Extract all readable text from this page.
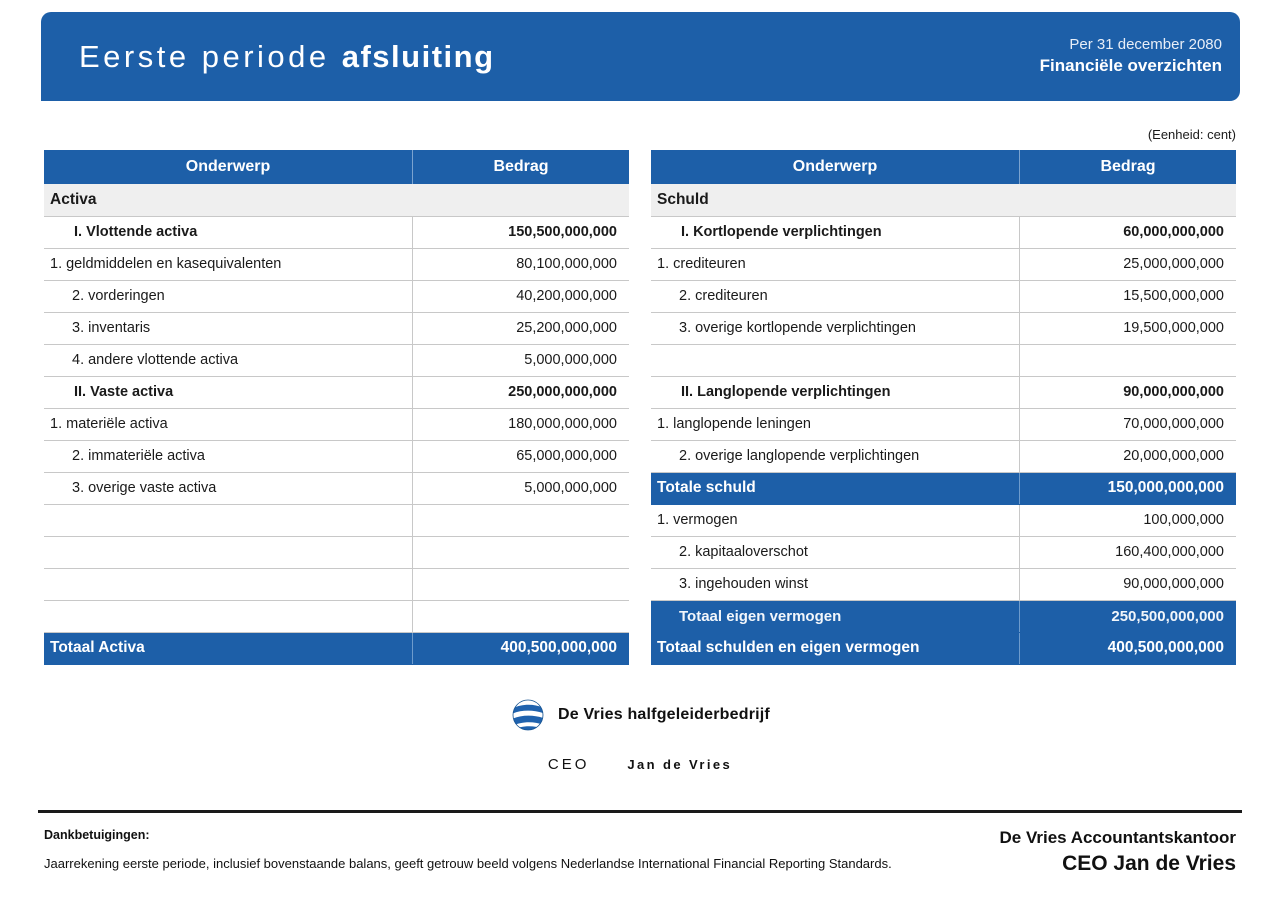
Eerste periode afsluiting	Per 31 december 2080
Financiële overzichten
(Eenheid: cent)
Onderwerp	Bedrag
Activa	
I. Vlottende activa	150,500,000,000
1. geldmiddelen en kasequivalenten	80,100,000,000
2. vorderingen	40,200,000,000
3. inventaris	25,200,000,000
4. andere vlottende activa	5,000,000,000
II. Vaste activa	250,000,000,000
1. materiële activa	180,000,000,000
2. immateriële activa	65,000,000,000
3. overige vaste activa	5,000,000,000

Totaal Activa	400,500,000,000
Onderwerp	Bedrag
Schuld	
I. Kortlopende verplichtingen	60,000,000,000
1. crediteuren	25,000,000,000
2. crediteuren	15,500,000,000
3. overige kortlopende verplichtingen	19,500,000,000

II. Langlopende verplichtingen	90,000,000,000
1. langlopende leningen	70,000,000,000
2. overige langlopende verplichtingen	20,000,000,000
Totale schuld	150,000,000,000
1. vermogen	100,000,000
2. kapitaaloverschot	160,400,000,000
3. ingehouden winst	90,000,000,000
Totaal eigen vermogen	250,500,000,000
Totaal schulden en eigen vermogen	400,500,000,000
De Vries halfgeleiderbedrijf
CEO	Jan de Vries
Dankbetuigingen:
Jaarrekening eerste periode, inclusief bovenstaande balans, geeft getrouw beeld volgens Nederlandse International Financial Reporting Standards.
De Vries Accountantskantoor
CEO Jan de Vries
